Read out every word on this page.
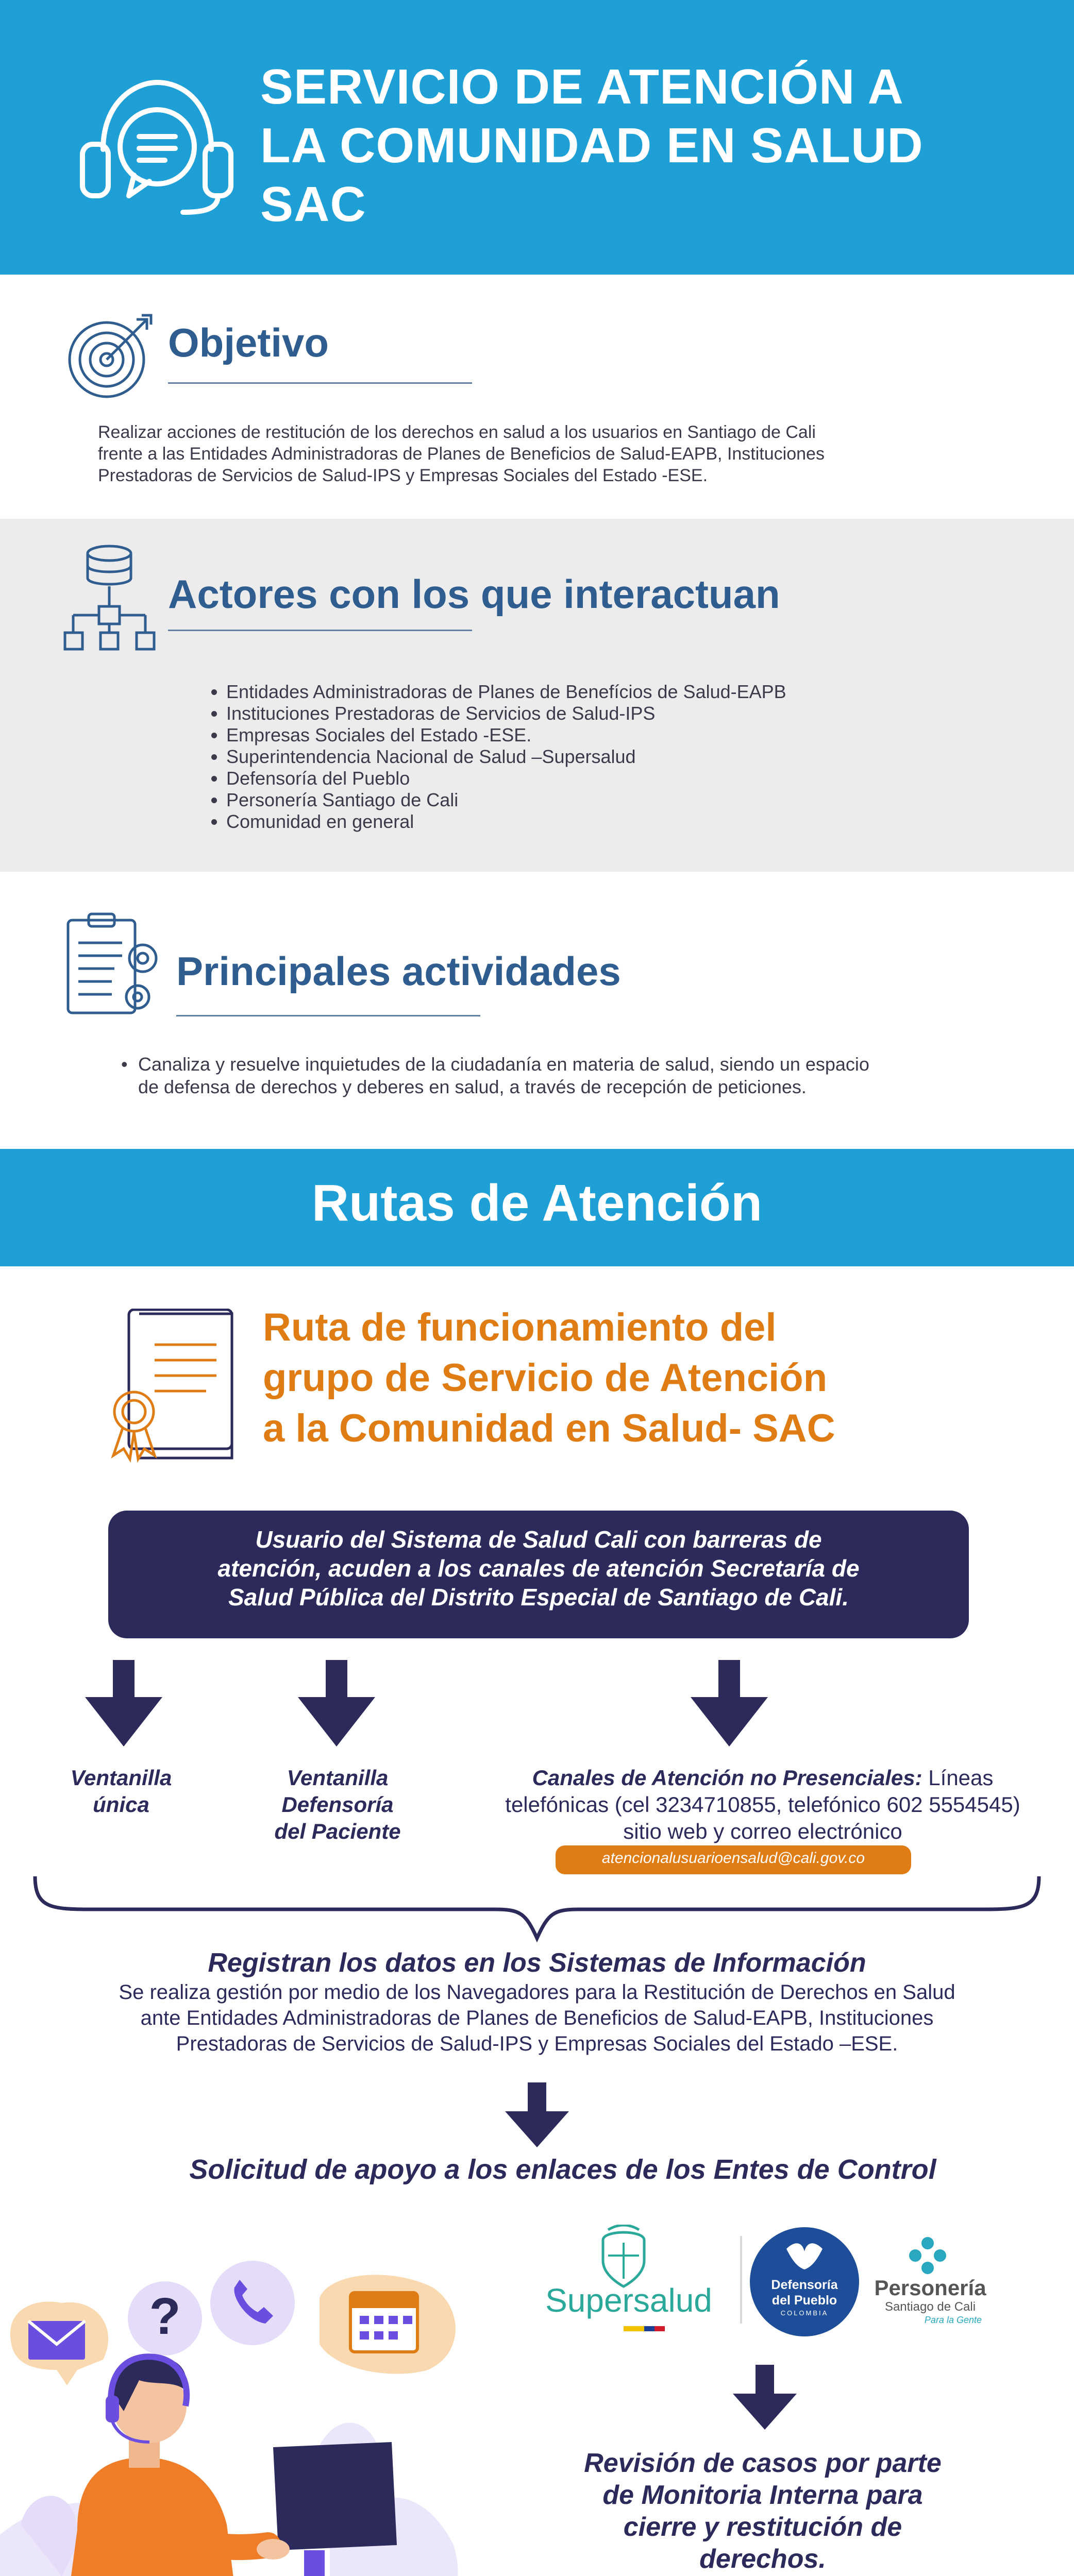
SERVICIO DE ATENCIÓN A
LA COMUNIDAD EN SALUD
SAC
Objetivo
Realizar acciones de restitución de los derechos en salud a los usuarios en Santiago de Cali
frente a las Entidades Administradoras de Planes de Beneficios de Salud-EAPB, Instituciones
Prestadoras de Servicios de Salud-IPS y Empresas Sociales del Estado -ESE.
Actores con los que interactuan
• Entidades Administradoras de Planes de Benefícios de Salud-EAPB
• Instituciones Prestadoras de Servicios de Salud-IPS
• Empresas Sociales del Estado -ESE.
• Superintendencia Nacional de Salud –Supersalud
• Defensoría del Pueblo
• Personería Santiago de Cali
• Comunidad en general
Principales actividades
• Canaliza y resuelve inquietudes de la ciudadanía en materia de salud, siendo un espacio
de defensa de derechos y deberes en salud, a través de recepción de peticiones.
Rutas de Atención
Ruta de funcionamiento del
grupo de Servicio de Atención
a la Comunidad en Salud- SAC
Usuario del Sistema de Salud Cali con barreras de
atención, acuden a los canales de atención Secretaría de
Salud Pública del Distrito Especial de Santiago de Cali.
Ventanilla
única
Ventanilla
Defensoría
del Paciente
Canales de Atención no Presenciales: Líneas
telefónicas (cel 3234710855, telefónico 602 5554545)
sitio web y correo electrónico
atencionalusuarioensalud@cali.gov.co
Registran los datos en los Sistemas de Información
Se realiza gestión por medio de los Navegadores para la Restitución de Derechos en Salud
ante Entidades Administradoras de Planes de Beneficios de Salud-EAPB, Instituciones
Prestadoras de Servicios de Salud-IPS y Empresas Sociales del Estado –ESE.
Solicitud de apoyo a los enlaces de los Entes de Control
?	Supersalud	Defensoría
del Pueblo
COLOMBIA
Personería
Santiago de Cali
Para la Gente
Revisión de casos por parte
de Monitoria Interna para
cierre y restitución de
derechos.
